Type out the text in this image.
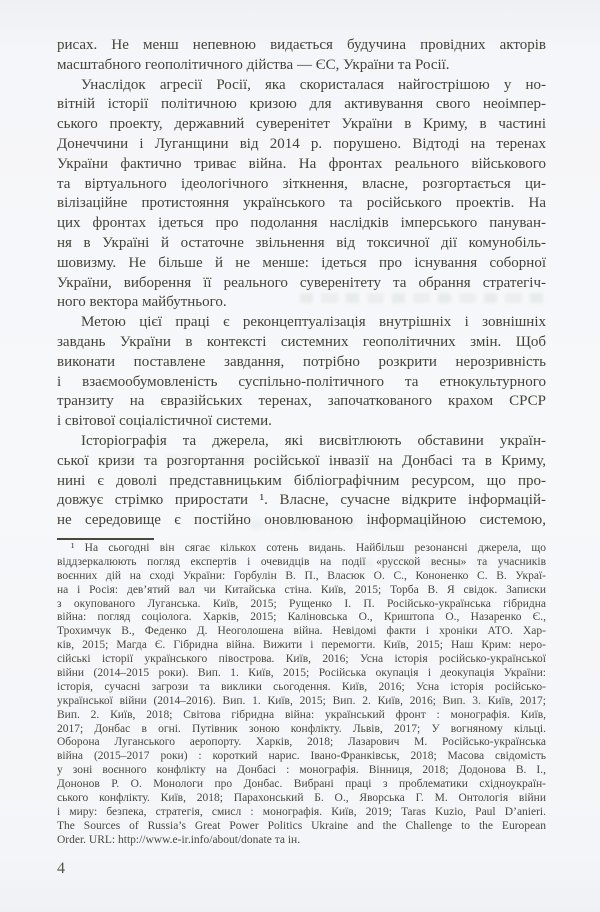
рисах. Не менш непевною видається будучина провідних акторів
масштабного геополітичного дійства — ЄС, України та Росії.
Унаслідок агресії Росії, яка скористалася найгострішою у но-
вітній історії політичною кризою для активування свого неоімпер-
ського проекту, державний суверенітет України в Криму, в частині
Донеччини і Луганщини від 2014 р. порушено. Відтоді на теренах
України фактично триває війна. На фронтах реального військового
та віртуального ідеологічного зіткнення, власне, розгортається ци-
вілізаційне протистояння українського та російського проектів. На
цих фронтах ідеться про подолання наслідків імперського пануван-
ня в Україні й остаточне звільнення від токсичної дії комунобіль-
шовизму. Не більше й не менше: ідеться про існування соборної
України, виборення її реального суверенітету та обрання стратегіч-
ного вектора майбутнього.
Метою цієї праці є реконцептуалізація внутрішніх і зовнішніх
завдань України в контексті системних геополітичних змін. Щоб
виконати поставлене завдання, потрібно розкрити нерозривність
і взаємообумовленість суспільно-політичного та етнокультурного
транзиту на євразійських теренах, започаткованого крахом СРСР
і світової соціалістичної системи.
Історіографія та джерела, які висвітлюють обставини україн-
ської кризи та розгортання російської інвазії на Донбасі та в Криму,
нині є доволі представницьким бібліографічним ресурсом, що про-
довжує стрімко приростати ¹. Власне, сучасне відкрите інформацій-
не середовище є постійно оновлюваною інформаційною системою,
¹ На сьогодні він сягає кількох сотень видань. Найбільш резонансні джерела, що
віддзеркалюють погляд експертів і очевидців на події «русской весны» та учасників
воєнних дій на сході України: Горбулін В. П., Власюк О. С., Кононенко С. В. Украї-
на і Росія: дев’ятий вал чи Китайська стіна. Київ, 2015; Торба В. Я свідок. Записки
з окупованого Луганська. Київ, 2015; Рущенко І. П. Російсько-українська гібридна
війна: погляд соціолога. Харків, 2015; Каліновська О., Криштопа О., Назаренко Є.,
Трохимчук В., Феденко Д. Неоголошена війна. Невідомі факти і хроніки АТО. Хар-
ків, 2015; Магда Є. Гібридна війна. Вижити і перемогти. Київ, 2015; Наш Крим: неро-
сійські історії українського півострова. Київ, 2016; Усна історія російсько-української
війни (2014–2015 роки). Вип. 1. Київ, 2015; Російська окупація і деокупація України:
історія, сучасні загрози та виклики сьогодення. Київ, 2016; Усна історія російсько-
української війни (2014–2016). Вип. 1. Київ, 2015; Вип. 2. Київ, 2016; Вип. 3. Київ, 2017;
Вип. 2. Київ, 2018; Світова гібридна війна: український фронт : монографія. Київ,
2017; Донбас в огні. Путівник зоною конфлікту. Львів, 2017; У вогняному кільці.
Оборона Луганського аеропорту. Харків, 2018; Лазарович М. Російсько-українська
війна (2015–2017 роки) : короткий нарис. Івано-Франківськ, 2018; Масова свідомість
у зоні воєнного конфлікту на Донбасі : монографія. Вінниця, 2018; Додонова В. І.,
Дононов Р. О. Монологи про Донбас. Вибрані праці з проблематики східноукраїн-
ського конфлікту. Київ, 2018; Парахонський Б. О., Яворська Г. М. Онтологія війни
і миру: безпека, стратегія, смисл : монографія. Київ, 2019; Taras Kuzio, Paul D’anieri.
The Sources of Russia’s Great Power Politics Ukraine and the Challenge to the European
Order. URL: http://www.e-ir.info/about/donate та ін.
4
